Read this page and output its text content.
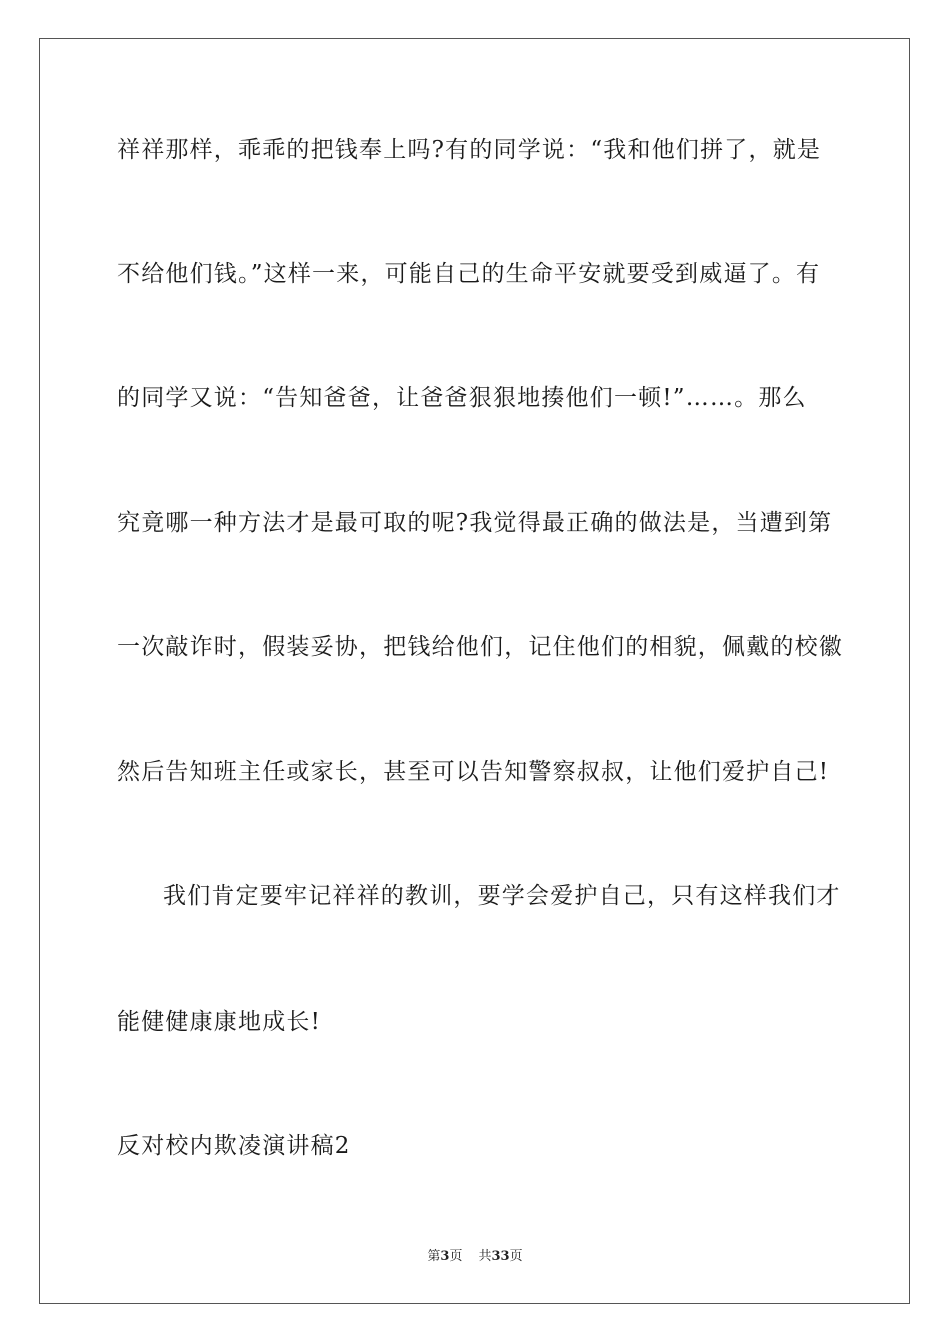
祥祥那样，乖乖的把钱奉上吗?有的同学说：“我和他们拼了，就是
不给他们钱。”这样一来，可能自己的生命平安就要受到威逼了。有
的同学又说：“告知爸爸，让爸爸狠狠地揍他们一顿!”……。那么
究竟哪一种方法才是最可取的呢?我觉得最正确的做法是，当遭到第
一次敲诈时，假装妥协，把钱给他们，记住他们的相貌，佩戴的校徽
然后告知班主任或家长，甚至可以告知警察叔叔，让他们爱护自己!
我们肯定要牢记祥祥的教训，要学会爱护自己，只有这样我们才
能健健康康地成长!
反对校内欺凌演讲稿2
第3页 共33页
